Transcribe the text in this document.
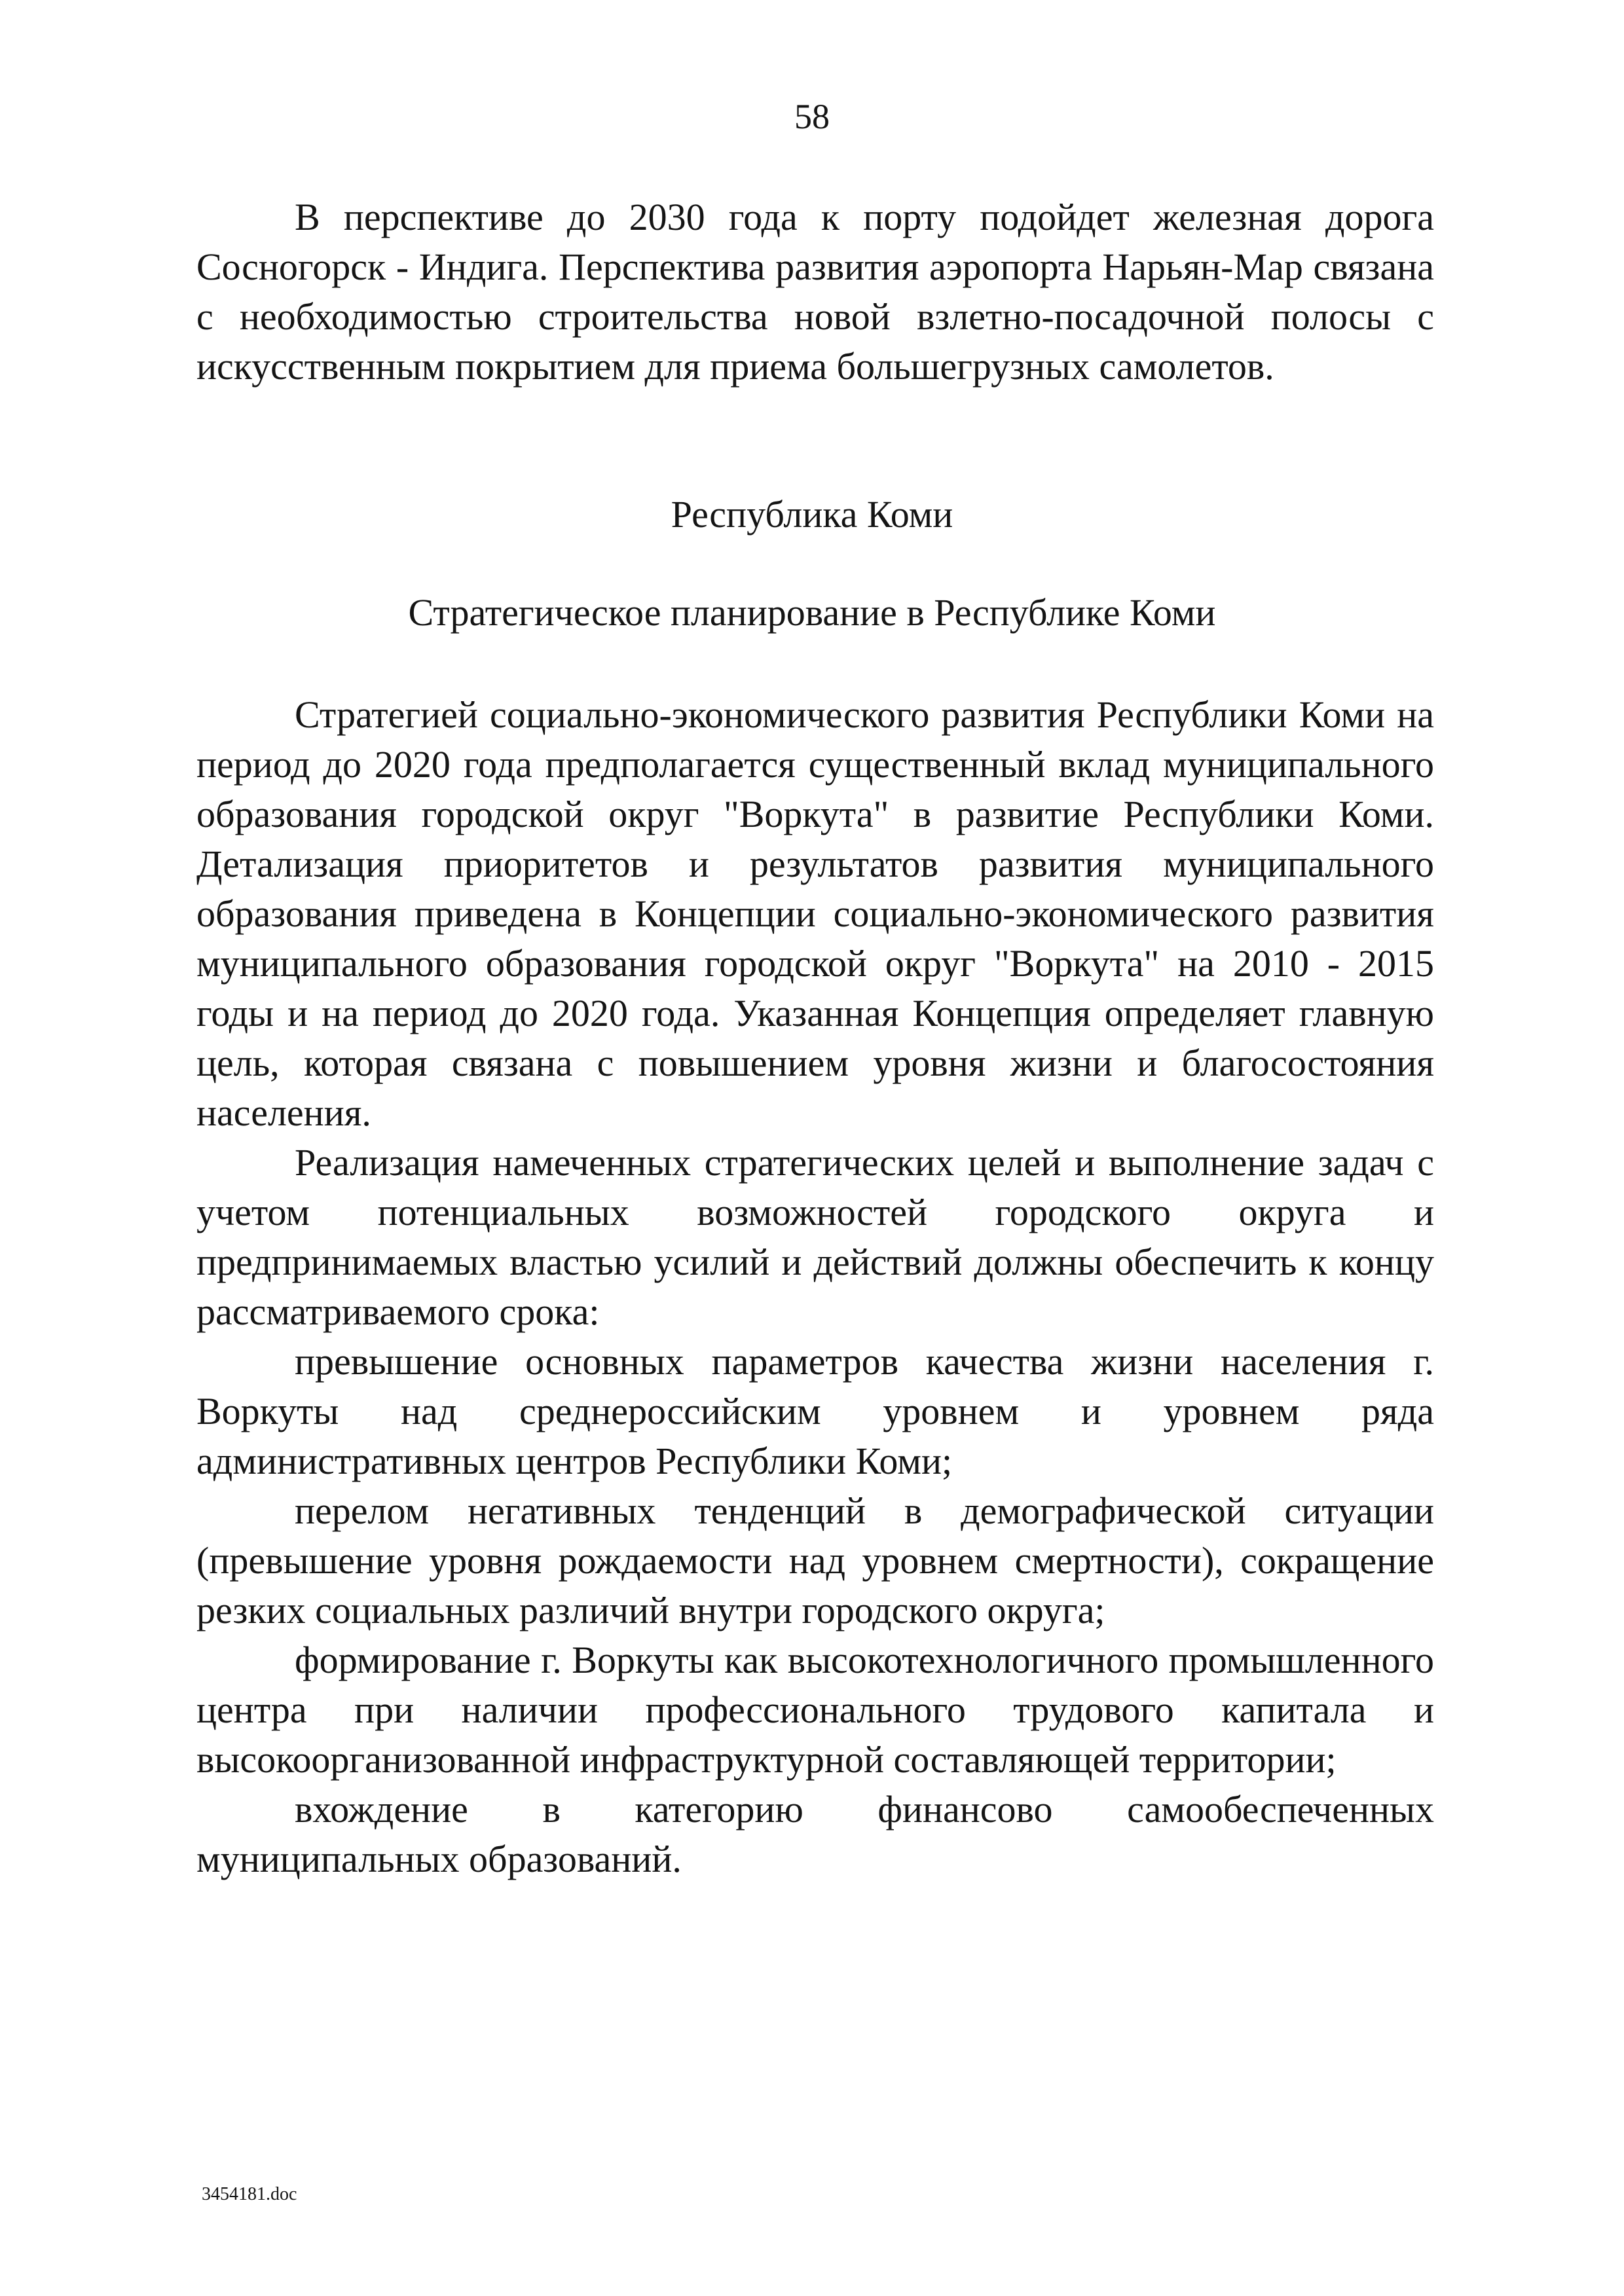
58

В перспективе до 2030 года к порту подойдет железная дорога Сосногорск - Индига. Перспектива развития аэропорта Нарьян-Мар связана с необходимостью строительства новой взлетно-посадочной полосы с искусственным покрытием для приема большегрузных самолетов.

Республика Коми
Стратегическое планирование в Республике Коми

Стратегией социально-экономического развития Республики Коми на период до 2020 года предполагается существенный вклад муниципального образования городской округ "Воркута" в развитие Республики Коми. Детализация приоритетов и результатов развития муниципального образования приведена в Концепции социально-экономического развития муниципального образования городской округ "Воркута" на 2010 - 2015 годы и на период до 2020 года. Указанная Концепция определяет главную цель, которая связана с повышением уровня жизни и благосостояния населения.

Реализация намеченных стратегических целей и выполнение задач с учетом потенциальных возможностей городского округа и предпринимаемых властью усилий и действий должны обеспечить к концу рассматриваемого срока:

превышение основных параметров качества жизни населения г. Воркуты над среднероссийским уровнем и уровнем ряда административных центров Республики Коми;

перелом негативных тенденций в демографической ситуации (превышение уровня рождаемости над уровнем смертности), сокращение резких социальных различий внутри городского округа;

формирование г. Воркуты как высокотехнологичного промышленного центра при наличии профессионального трудового капитала и высокоорганизованной инфраструктурной составляющей территории;

вхождение в категорию финансово самообеспеченных муниципальных образований.

3454181.doc
